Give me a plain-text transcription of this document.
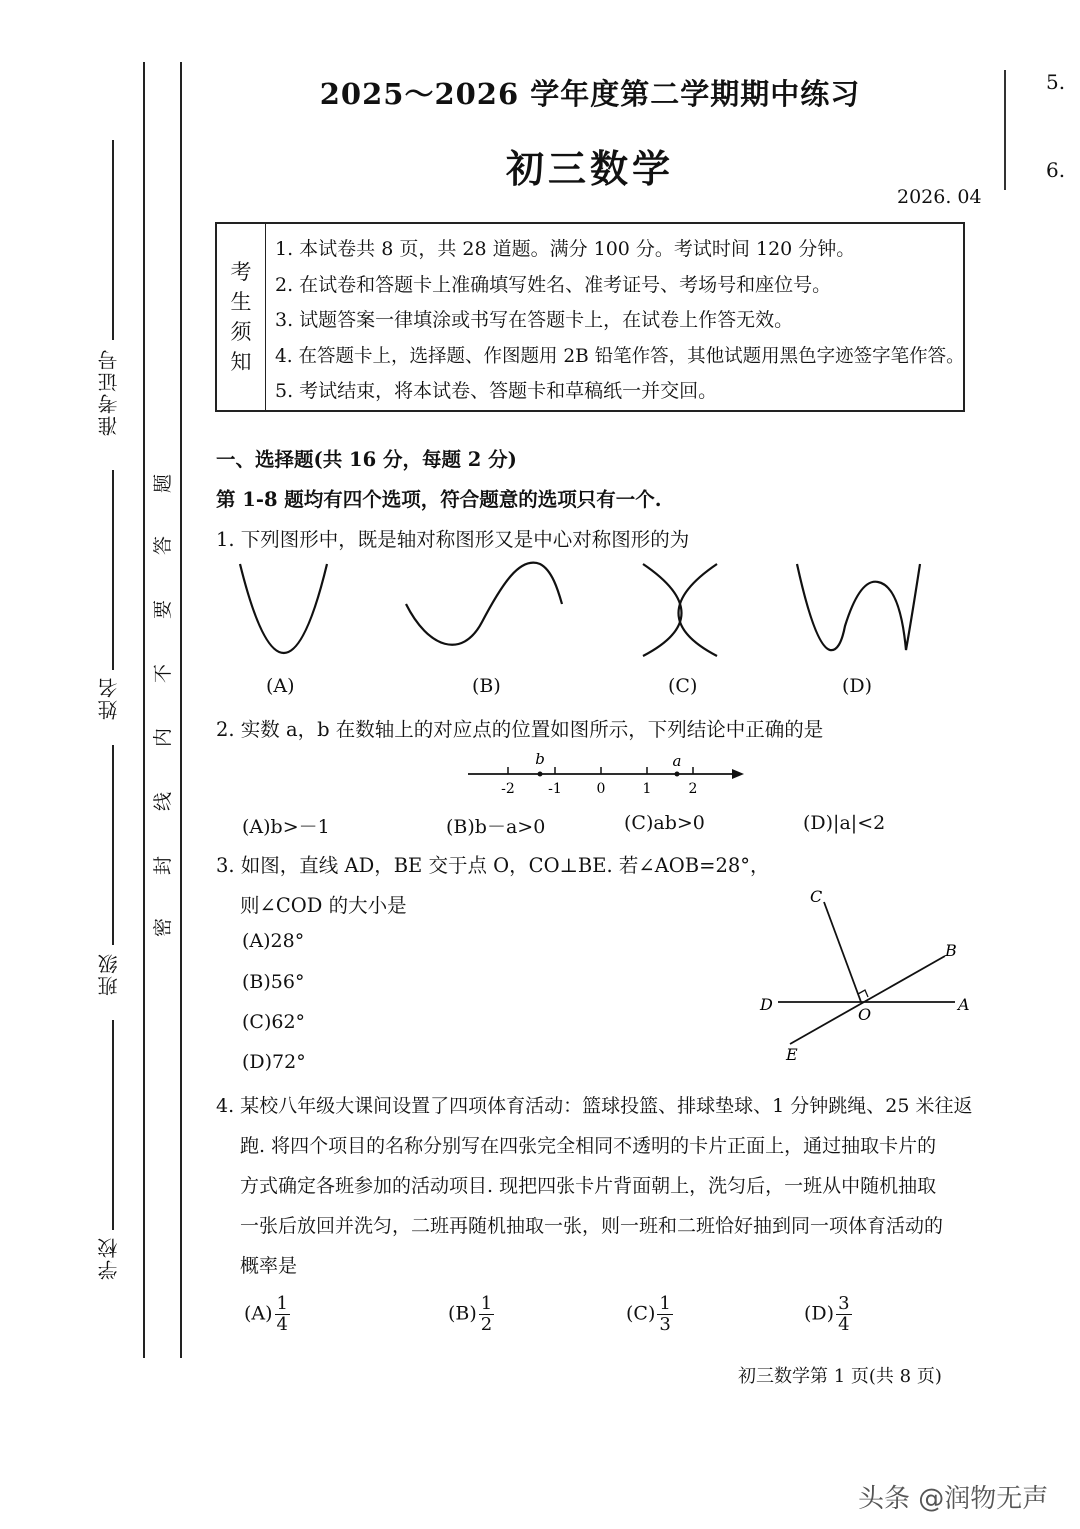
准考证号
姓名
班级
学校
题
答
要
不
内
线
封
密
5.
6.
2025～2026 学年度第二学期期中练习
初三数学
2026. 04
考
生
须
知
1. 本试卷共 8 页，共 28 道题。满分 100 分。考试时间 120 分钟。
2. 在试卷和答题卡上准确填写姓名、准考证号、考场号和座位号。
3. 试题答案一律填涂或书写在答题卡上，在试卷上作答无效。
4. 在答题卡上，选择题、作图题用 2B 铅笔作答，其他试题用黑色字迹签字笔作答。
5. 考试结束，将本试卷、答题卡和草稿纸一并交回。
一、选择题(共 16 分，每题 2 分)
第 1-8 题均有四个选项，符合题意的选项只有一个.
1. 下列图形中，既是轴对称图形又是中心对称图形的为
(A)	(B)	(C)	(D)
2. 实数 a，b 在数轴上的对应点的位置如图所示，下列结论中正确的是
-2 -1 0	1	2
b	a
(A)b>－1	(B)b－a>0	(C)ab>0	(D)|a|<2
3. 如图，直线 AD，BE 交于点 O，CO⊥BE. 若∠AOB=28°，
则∠COD 的大小是
(A)28°
(B)56°
(C)62°
(D)72°
C
B
D
O
A
E
4. 某校八年级大课间设置了四项体育活动：篮球投篮、排球垫球、1 分钟跳绳、25 米往返
跑. 将四个项目的名称分别写在四张完全相同不透明的卡片正面上，通过抽取卡片的
方式确定各班参加的活动项目. 现把四张卡片背面朝上，洗匀后，一班从中随机抽取
一张后放回并洗匀，二班再随机抽取一张，则一班和二班恰好抽到同一项体育活动的
概率是
$(A) \frac{1}{4}$	$(B) \frac{1}{2}$	$(C) \frac{1}{3}$	$(D) \frac{3}{4}$
初三数学第 1 页(共 8 页)
头条 @润物无声
